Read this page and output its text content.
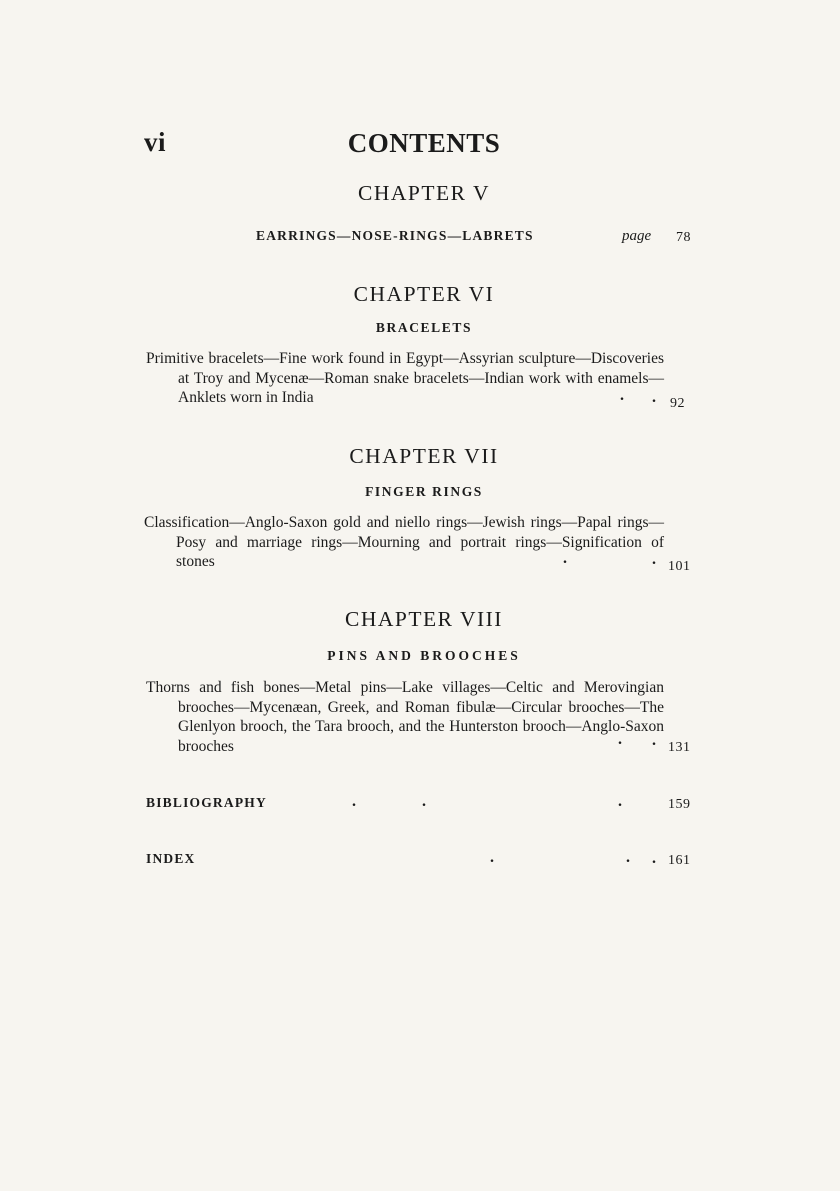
vi	CONTENTS
CHAPTER V
EARRINGS—NOSE-RINGS—LABRETS	page 78
CHAPTER VI
BRACELETS

Primitive bracelets—Fine work found in Egypt—Assyrian sculpture—Discoveries at Troy and Mycenæ—Roman snake bracelets—Indian work with enamels—Anklets worn in India	. . 92
CHAPTER VII
FINGER RINGS

Classification—Anglo-Saxon gold and niello rings—Jewish rings—Papal rings—Posy and marriage rings—Mourning and portrait rings—Signification of stones	.	. 101
CHAPTER VIII
PINS AND BROOCHES

Thorns and fish bones—Metal pins—Lake villages—Celtic and Merovingian brooches—Mycenæan, Greek, and Roman fibulæ—Circular brooches—The Glenlyon brooch, the Tara brooch, and the Hunterston brooch—Anglo-Saxon brooches	. . 131
BIBLIOGRAPHY	.	.	.	159
INDEX	.	. . 161
